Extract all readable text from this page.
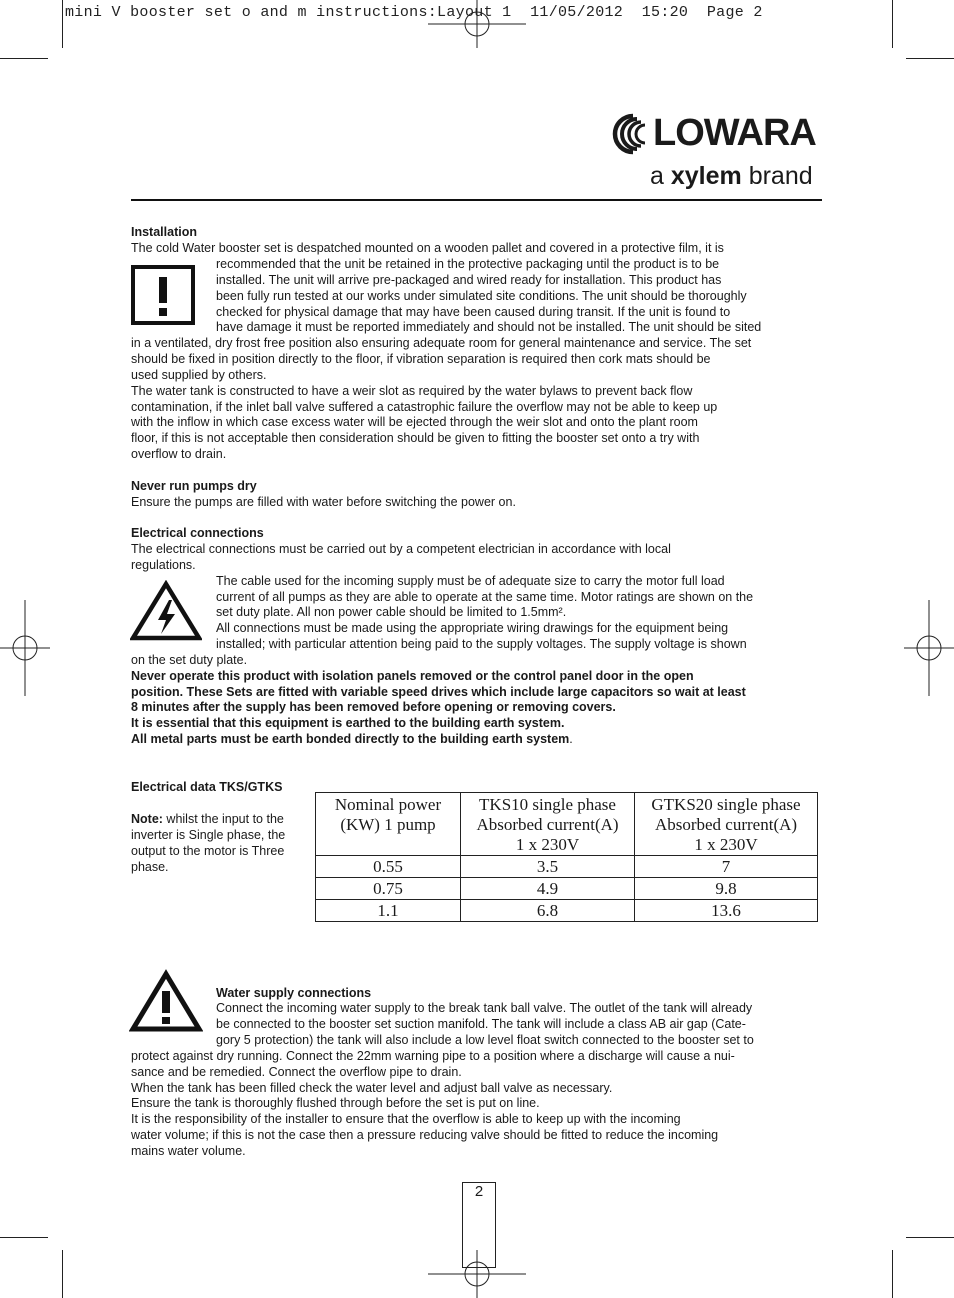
mini V booster set o and m instructions:Layout 1 11/05/2012 15:20 Page 2
LOWARA
a xylem brand
Installation
The cold Water booster set is despatched mounted on a wooden pallet and covered in a protective film, it is
recommended that the unit be retained in the protective packaging until the product is to be
installed. The unit will arrive pre-packaged and wired ready for installation. This product has
been fully run tested at our works under simulated site conditions. The unit should be thoroughly
checked for physical damage that may have been caused during transit. If the unit is found to
have damage it must be reported immediately and should not be installed. The unit should be sited
in a ventilated, dry frost free position also ensuring adequate room for general maintenance and service. The set
should be fixed in position directly to the floor, if vibration separation is required then cork mats should be
used supplied by others.
The water tank is constructed to have a weir slot as required by the water bylaws to prevent back flow
contamination, if the inlet ball valve suffered a catastrophic failure the overflow may not be able to keep up
with the inflow in which case excess water will be ejected through the weir slot and onto the plant room
floor, if this is not acceptable then consideration should be given to fitting the booster set onto a try with
overflow to drain.
Never run pumps dry
Ensure the pumps are filled with water before switching the power on.
Electrical connections
The electrical connections must be carried out by a competent electrician in accordance with local
regulations.
The cable used for the incoming supply must be of adequate size to carry the motor full load
current of all pumps as they are able to operate at the same time. Motor ratings are shown on the
set duty plate. All non power cable should be limited to 1.5mm².
All connections must be made using the appropriate wiring drawings for the equipment being
installed; with particular attention being paid to the supply voltages. The supply voltage is shown
on the set duty plate.
Never operate this product with isolation panels removed or the control panel door in the open
position. These Sets are fitted with variable speed drives which include large capacitors so wait at least
8 minutes after the supply has been removed before opening or removing covers.
It is essential that this equipment is earthed to the building earth system.
All metal parts must be earth bonded directly to the building earth system.
Electrical data TKS/GTKS
Note: whilst the input to the
inverter is Single phase, the
output to the motor is Three
phase.
Nominal power
(KW) 1 pump	TKS10 single phase
Absorbed current(A)
1 x 230V	GTKS20 single phase
Absorbed current(A)
1 x 230V
0.55	3.5	7
0.75	4.9	9.8
1.1	6.8	13.6
Water supply connections
Connect the incoming water supply to the break tank ball valve. The outlet of the tank will already
be connected to the booster set suction manifold. The tank will include a class AB air gap (Cate-
gory 5 protection) the tank will also include a low level float switch connected to the booster set to
protect against dry running. Connect the 22mm warning pipe to a position where a discharge will cause a nui-
sance and be remedied. Connect the overflow pipe to drain.
When the tank has been filled check the water level and adjust ball valve as necessary.
Ensure the tank is thoroughly flushed through before the set is put on line.
It is the responsibility of the installer to ensure that the overflow is able to keep up with the incoming
water volume; if this is not the case then a pressure reducing valve should be fitted to reduce the incoming
mains water volume.
2
